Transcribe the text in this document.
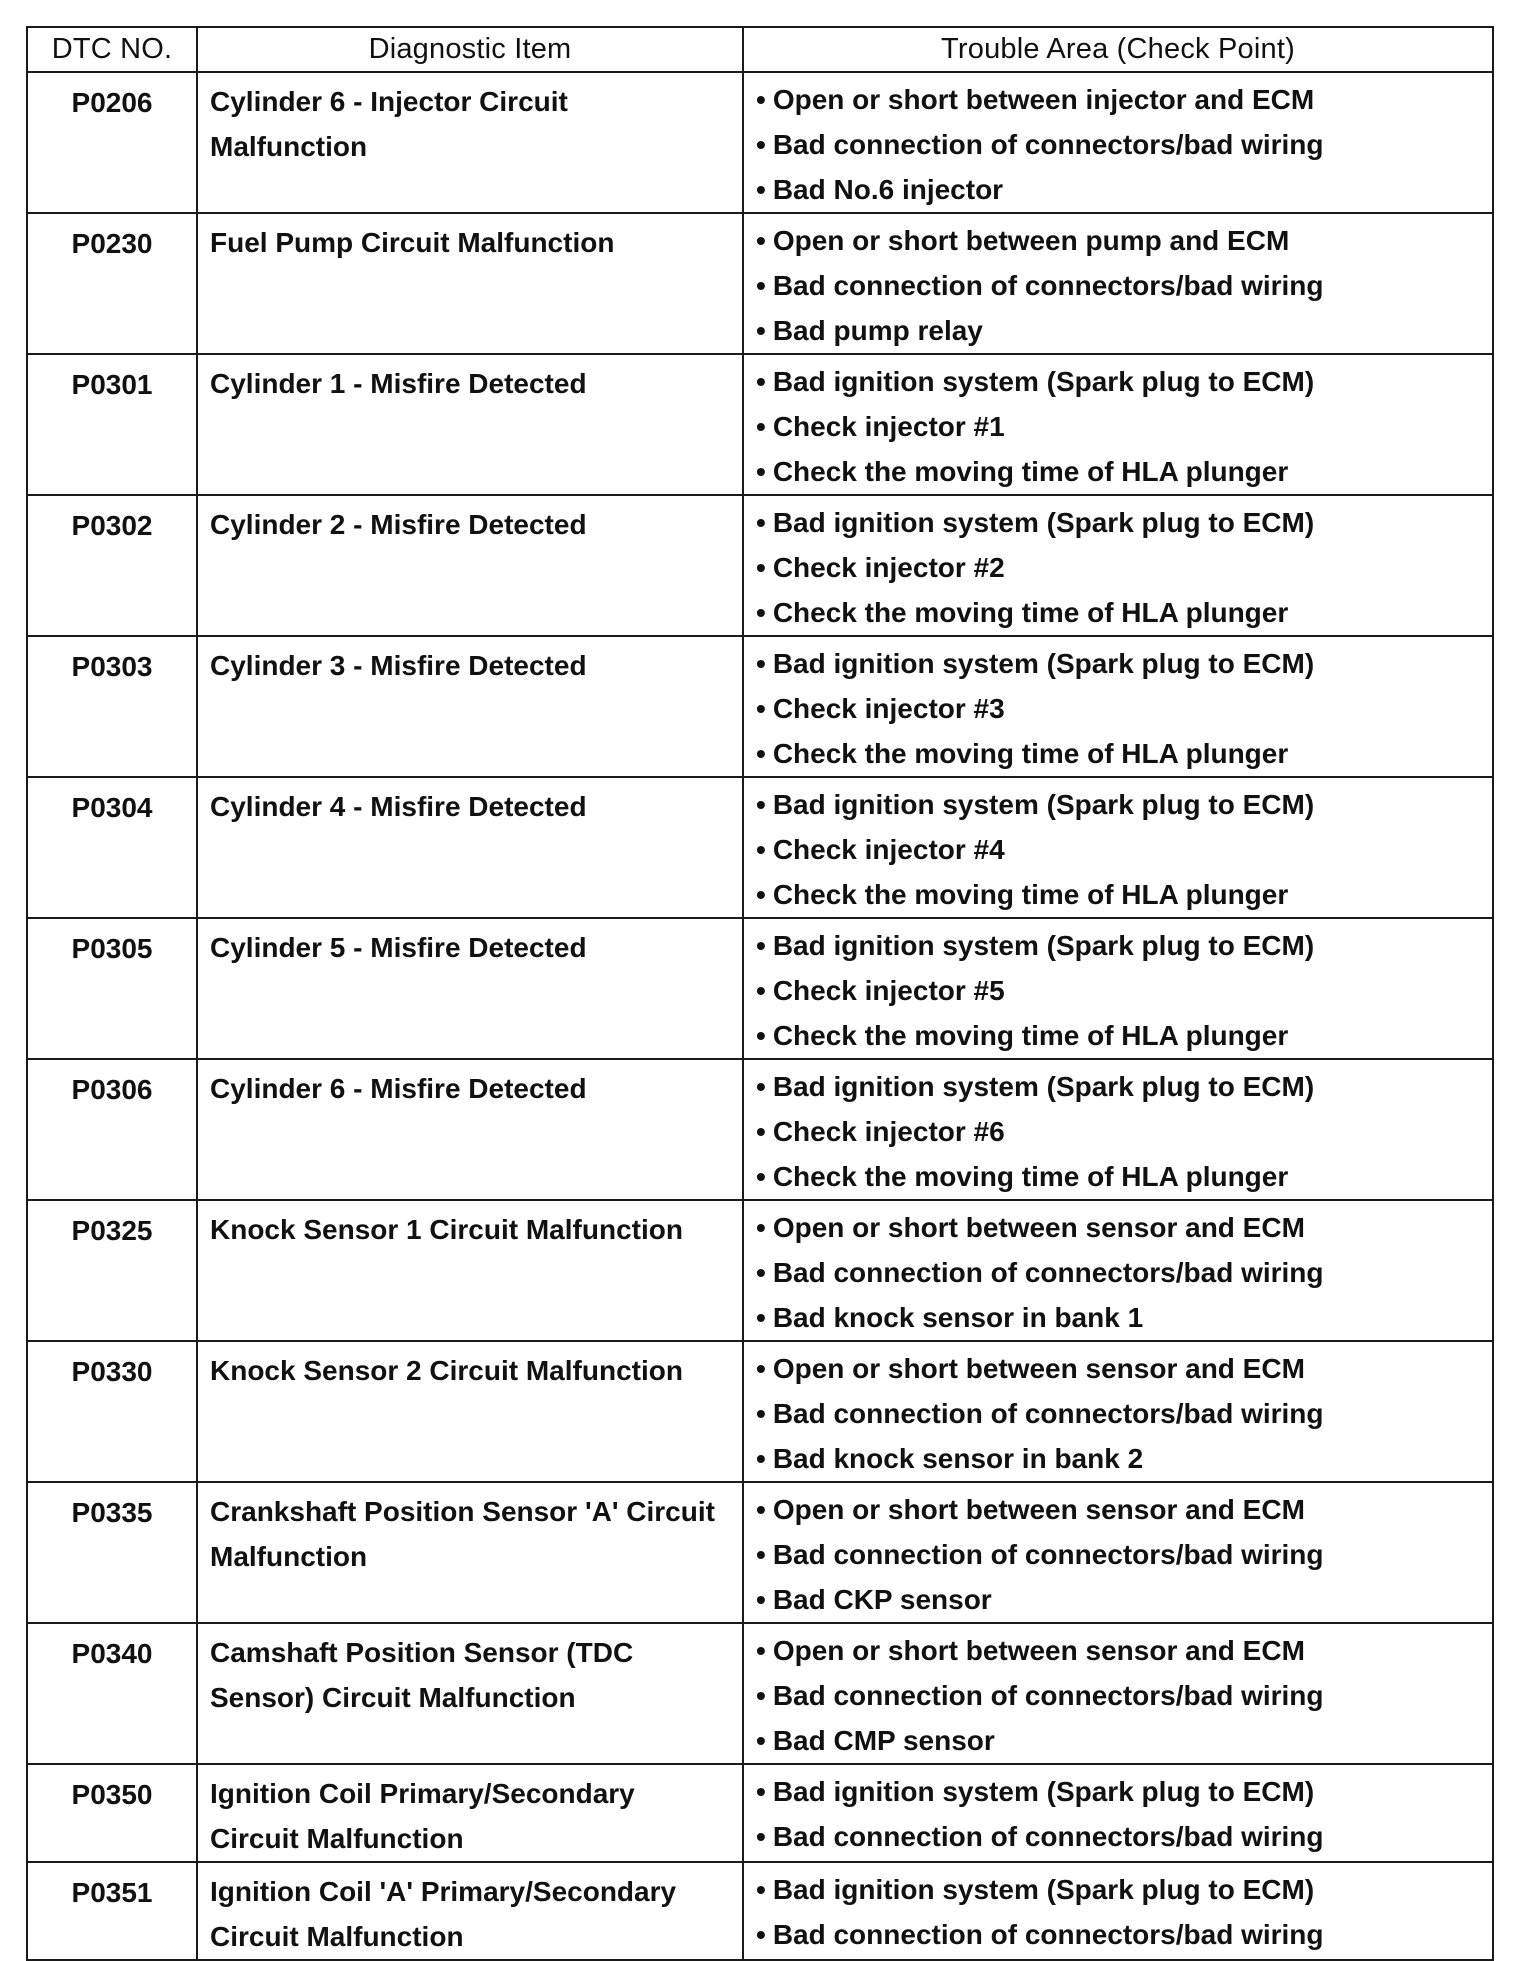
DTC NO.	Diagnostic Item	Trouble Area (Check Point)
P0206	Cylinder 6 - Injector Circuit Malfunction	• Open or short between injector and ECM
• Bad connection of connectors/bad wiring
• Bad No.6 injector

P0230	Fuel Pump Circuit Malfunction	• Open or short between pump and ECM
• Bad connection of connectors/bad wiring
• Bad pump relay

P0301	Cylinder 1 - Misfire Detected	• Bad ignition system (Spark plug to ECM)
• Check injector #1
• Check the moving time of HLA plunger

P0302	Cylinder 2 - Misfire Detected	• Bad ignition system (Spark plug to ECM)
• Check injector #2
• Check the moving time of HLA plunger

P0303	Cylinder 3 - Misfire Detected	• Bad ignition system (Spark plug to ECM)
• Check injector #3
• Check the moving time of HLA plunger

P0304	Cylinder 4 - Misfire Detected	• Bad ignition system (Spark plug to ECM)
• Check injector #4
• Check the moving time of HLA plunger

P0305	Cylinder 5 - Misfire Detected	• Bad ignition system (Spark plug to ECM)
• Check injector #5
• Check the moving time of HLA plunger

P0306	Cylinder 6 - Misfire Detected	• Bad ignition system (Spark plug to ECM)
• Check injector #6
• Check the moving time of HLA plunger

P0325	Knock Sensor 1 Circuit Malfunction	• Open or short between sensor and ECM
• Bad connection of connectors/bad wiring
• Bad knock sensor in bank 1

P0330	Knock Sensor 2 Circuit Malfunction	• Open or short between sensor and ECM
• Bad connection of connectors/bad wiring
• Bad knock sensor in bank 2

P0335	Crankshaft Position Sensor 'A' Circuit Malfunction	• Open or short between sensor and ECM
• Bad connection of connectors/bad wiring
• Bad CKP sensor

P0340	Camshaft Position Sensor (TDC Sensor) Circuit Malfunction	• Open or short between sensor and ECM
• Bad connection of connectors/bad wiring
• Bad CMP sensor

P0350	Ignition Coil Primary/Secondary Circuit Malfunction	• Bad ignition system (Spark plug to ECM)
• Bad connection of connectors/bad wiring

P0351	Ignition Coil 'A' Primary/Secondary Circuit Malfunction	• Bad ignition system (Spark plug to ECM)
• Bad connection of connectors/bad wiring
